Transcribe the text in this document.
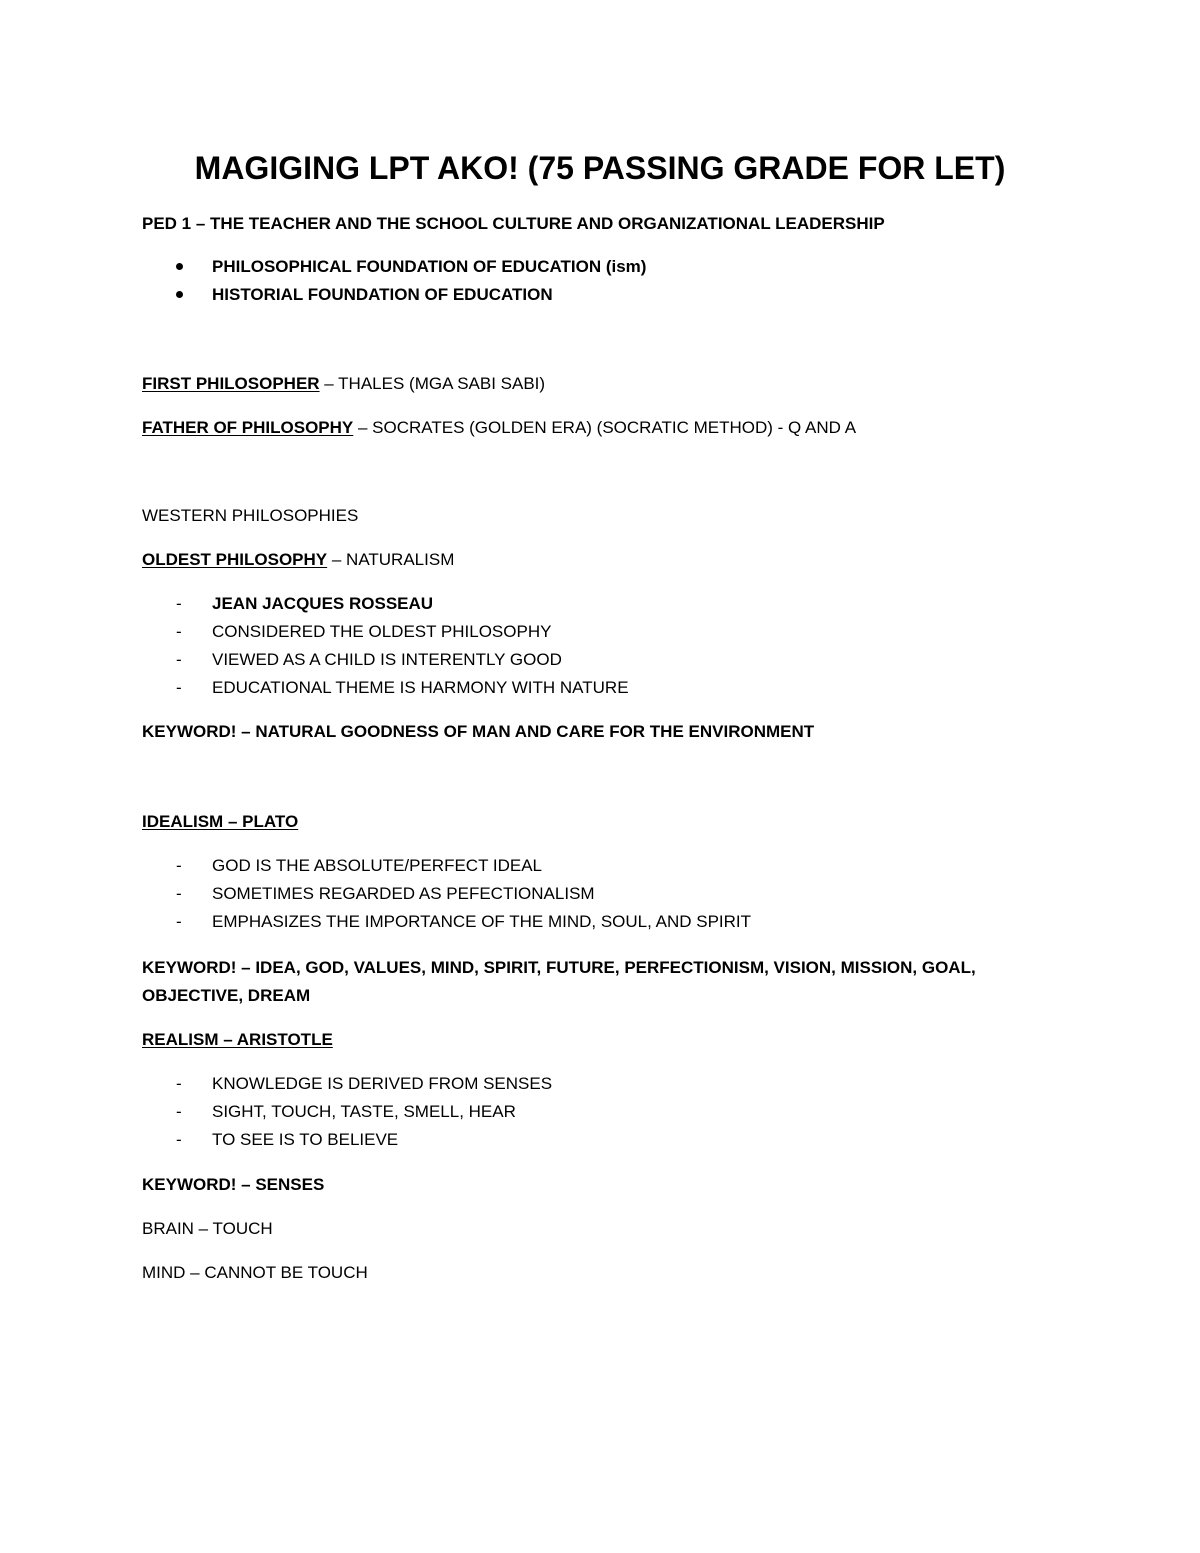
MAGIGING LPT AKO! (75 PASSING GRADE FOR LET)
PED 1 – THE TEACHER AND THE SCHOOL CULTURE AND ORGANIZATIONAL LEADERSHIP
PHILOSOPHICAL FOUNDATION OF EDUCATION (ism)
HISTORIAL FOUNDATION OF EDUCATION
FIRST PHILOSOPHER – THALES (MGA SABI SABI)
FATHER OF PHILOSOPHY – SOCRATES (GOLDEN ERA) (SOCRATIC METHOD) - Q AND A
WESTERN PHILOSOPHIES
OLDEST PHILOSOPHY – NATURALISM
- JEAN JACQUES ROSSEAU
- CONSIDERED THE OLDEST PHILOSOPHY
- VIEWED AS A CHILD IS INTERENTLY GOOD
- EDUCATIONAL THEME IS HARMONY WITH NATURE
KEYWORD! – NATURAL GOODNESS OF MAN AND CARE FOR THE ENVIRONMENT
IDEALISM – PLATO
- GOD IS THE ABSOLUTE/PERFECT IDEAL
- SOMETIMES REGARDED AS PEFECTIONALISM
- EMPHASIZES THE IMPORTANCE OF THE MIND, SOUL, AND SPIRIT
KEYWORD! – IDEA, GOD, VALUES, MIND, SPIRIT, FUTURE, PERFECTIONISM, VISION, MISSION, GOAL,
OBJECTIVE, DREAM
REALISM – ARISTOTLE
- KNOWLEDGE IS DERIVED FROM SENSES
- SIGHT, TOUCH, TASTE, SMELL, HEAR
- TO SEE IS TO BELIEVE
KEYWORD! – SENSES
BRAIN – TOUCH
MIND – CANNOT BE TOUCH
